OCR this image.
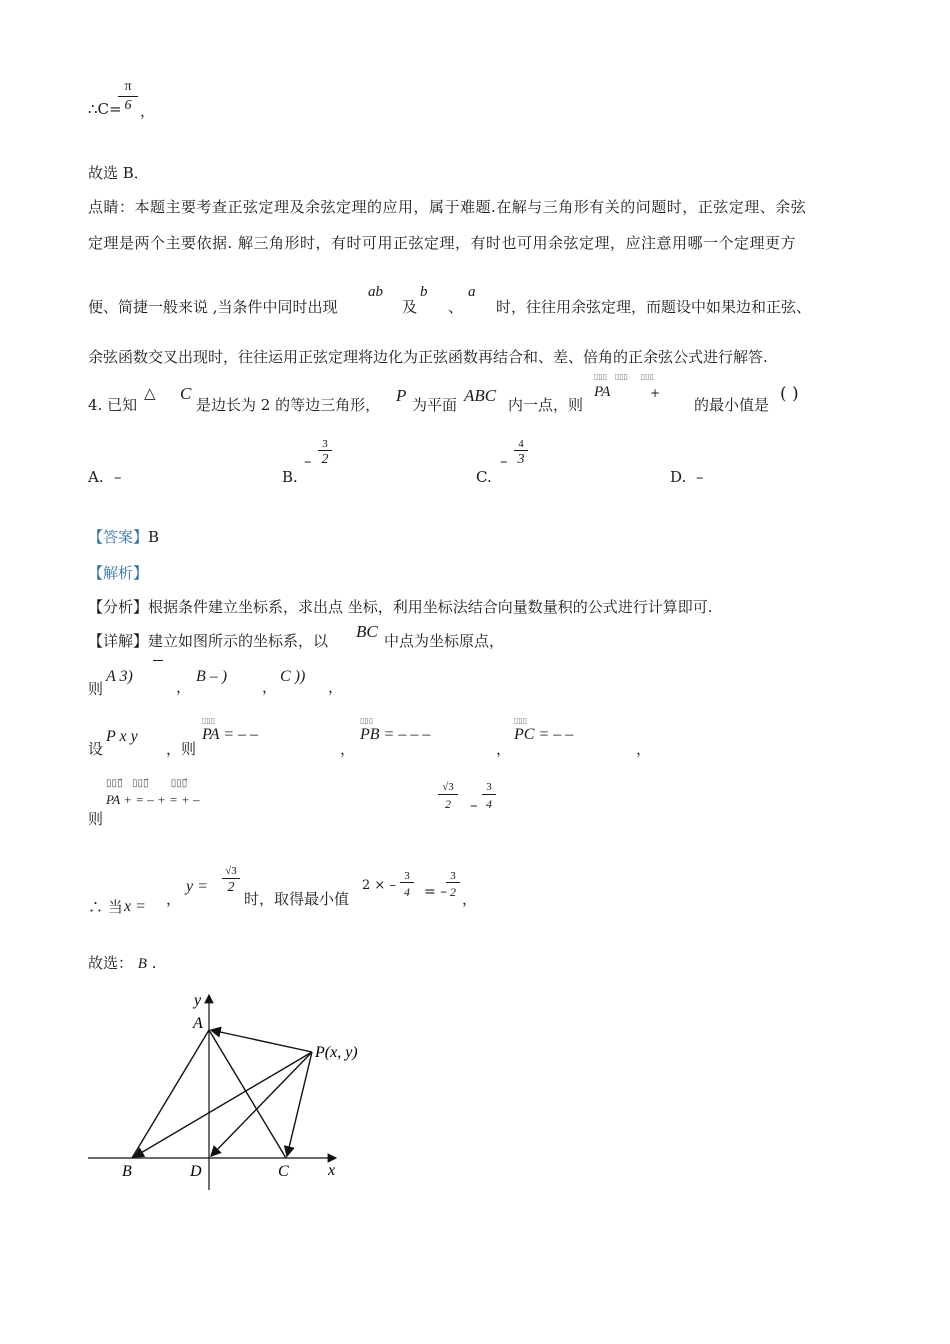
$\frac{\pi}{6}$
∴C= ，
故选 B．
点睛：本题主要考查正弦定理及余弦定理的应用，属于难题.在解与三角形有关的问题时，正弦定理、余弦
定理是两个主要依据. 解三角形时，有时可用正弦定理，有时也可用余弦定理，应注意用哪一个定理更方
便、简捷一般来说 ,当条件中同时出现
ab
及
b
、
a
时，往往用余弦定理，而题设中如果边和正弦、
余弦函数交叉出现时，往往运用正弦定理将边化为正弦函数再结合和、差、倍角的正余弦公式进行解答.
4. 已知
△ C
是边长为 2 的等边三角形， P 为平面 ABC 内一点，则
▯▯▯   ▯▯▯     ▯▯▯
PA	+
的最小值是
( )
A. –	B.
–
3
2
C.
–
4
3
D. –
【答案】B
【解析】
【分析】根据条件建立坐标系，求出点 坐标，利用坐标法结合向量数量积的公式进行计算即可.
【详解】建立如图所示的坐标系，以 BC 中点为坐标原点，
则
A 3)
，
B – )
，
C ))
，
设
P x y
，则
▯▯▯
PA = – –
，
▯▯▯
PB = – – –
，
▯▯▯
PC = – –
，
则
▯▯▯⃗   ▯▯▯⃗       ▯▯▯⃗
PA + = – + = + –	$\frac{√3}{2} - \frac{3}{4}$
∴ 当 x = ，
y =
√3
2
时，取得最小值
2 × – $\frac{3}{4}$ = –
$\frac{3}{2}$ ，
故选： B .
y
A
P(x, y)
B	D	C x
